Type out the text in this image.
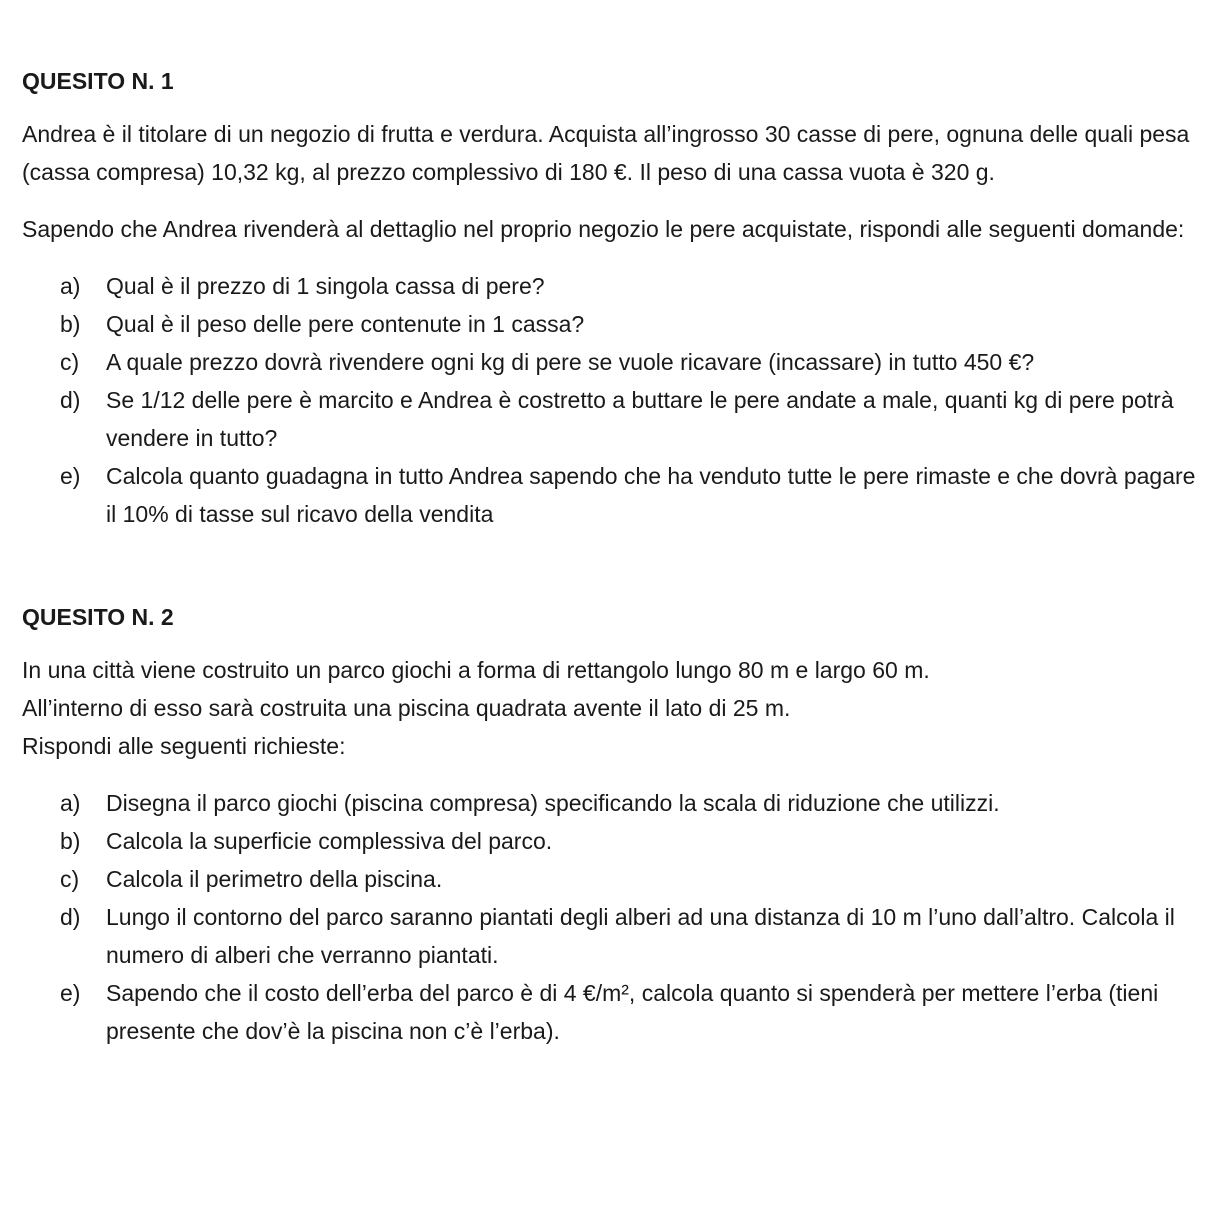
QUESITO N. 1

Andrea è il titolare di un negozio di frutta e verdura. Acquista all’ingrosso 30 casse di pere, ognuna delle quali pesa (cassa compresa) 10,32 kg, al prezzo complessivo di 180 €. Il peso di una cassa vuota è 320 g.

Sapendo che Andrea rivenderà al dettaglio nel proprio negozio le pere acquistate, rispondi alle seguenti domande:

a) Qual è il prezzo di 1 singola cassa di pere?
b) Qual è il peso delle pere contenute in 1 cassa?
c) A quale prezzo dovrà rivendere ogni kg di pere se vuole ricavare (incassare) in tutto 450 €?
d) Se 1/12 delle pere è marcito e Andrea è costretto a buttare le pere andate a male, quanti kg di pere potrà vendere in tutto?
e) Calcola quanto guadagna in tutto Andrea sapendo che ha venduto tutte le pere rimaste e che dovrà pagare il 10% di tasse sul ricavo della vendita
QUESITO N. 2

In una città viene costruito un parco giochi a forma di rettangolo lungo 80 m e largo 60 m.

All’interno di esso sarà costruita una piscina quadrata avente il lato di 25 m.

Rispondi alle seguenti richieste:

a) Disegna il parco giochi (piscina compresa) specificando la scala di riduzione che utilizzi.
b) Calcola la superficie complessiva del parco.
c) Calcola il perimetro della piscina.
d) Lungo il contorno del parco saranno piantati degli alberi ad una distanza di 10 m l’uno dall’altro. Calcola il numero di alberi che verranno piantati.
e) Sapendo che il costo dell’erba del parco è di 4 €/m², calcola quanto si spenderà per mettere l’erba (tieni presente che dov’è la piscina non c’è l’erba).
